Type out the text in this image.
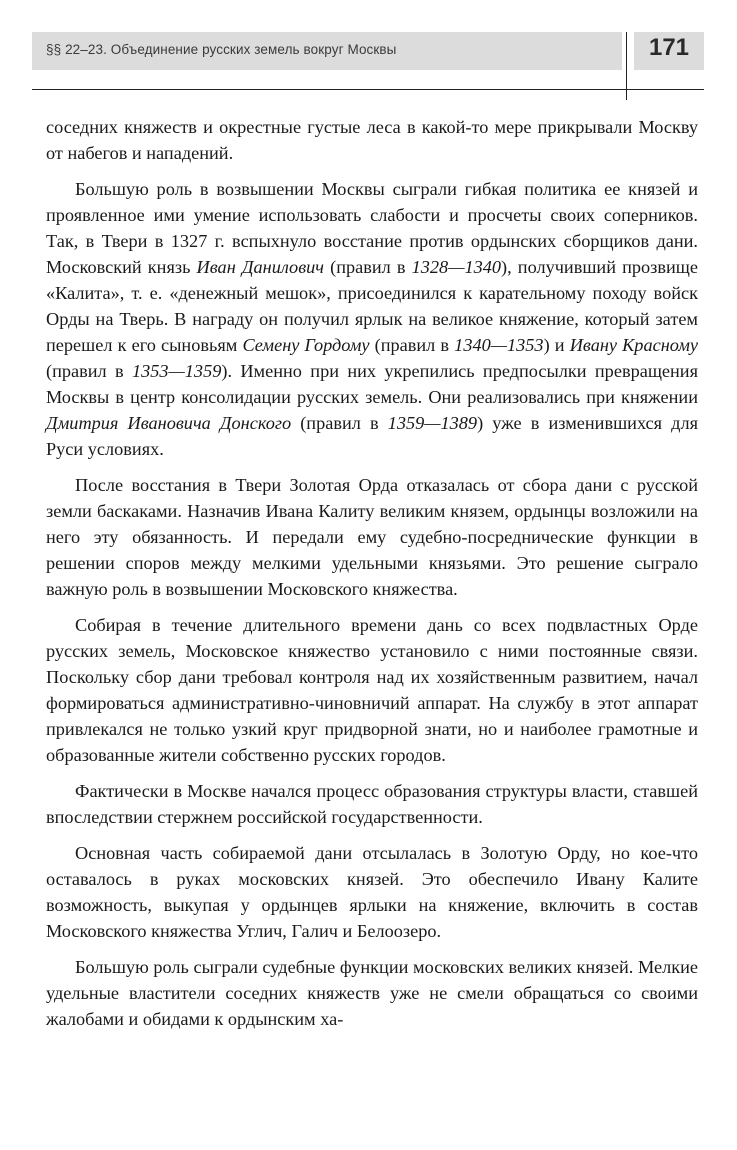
§§ 22–23. Объединение русских земель вокруг Москвы	171

соседних княжеств и окрестные густые леса в какой-то мере прикрывали Москву от набегов и нападений.

Большую роль в возвышении Москвы сыграли гибкая политика ее князей и проявленное ими умение использовать слабости и просчеты своих соперников. Так, в Твери в 1327 г. вспыхнуло восстание против ордынских сборщиков дани. Московский князь Иван Данилович (правил в 1328—1340), получивший прозвище «Калита», т. е. «денежный мешок», присоединился к карательному походу войск Орды на Тверь. В награду он получил ярлык на великое княжение, который затем перешел к его сыновьям Семену Гордому (правил в 1340—1353) и Ивану Красному (правил в 1353—1359). Именно при них укрепились предпосылки превращения Москвы в центр консолидации русских земель. Они реализовались при княжении Дмитрия Ивановича Донского (правил в 1359—1389) уже в изменившихся для Руси условиях.

После восстания в Твери Золотая Орда отказалась от сбора дани с русской земли баскаками. Назначив Ивана Калиту великим князем, ордынцы возложили на него эту обязанность. И передали ему судебно-посреднические функции в решении споров между мелкими удельными князьями. Это решение сыграло важную роль в возвышении Московского княжества.

Собирая в течение длительного времени дань со всех подвластных Орде русских земель, Московское княжество установило с ними постоянные связи. Поскольку сбор дани требовал контроля над их хозяйственным развитием, начал формироваться административно-чиновничий аппарат. На службу в этот аппарат привлекался не только узкий круг придворной знати, но и наиболее грамотные и образованные жители собственно русских городов.

Фактически в Москве начался процесс образования структуры власти, ставшей впоследствии стержнем российской государственности.

Основная часть собираемой дани отсылалась в Золотую Орду, но кое-что оставалось в руках московских князей. Это обеспечило Ивану Калите возможность, выкупая у ордынцев ярлыки на княжение, включить в состав Московского княжества Углич, Галич и Белоозеро.

Большую роль сыграли судебные функции московских великих князей. Мелкие удельные властители соседних княжеств уже не смели обращаться со своими жалобами и обидами к ордынским ха-
